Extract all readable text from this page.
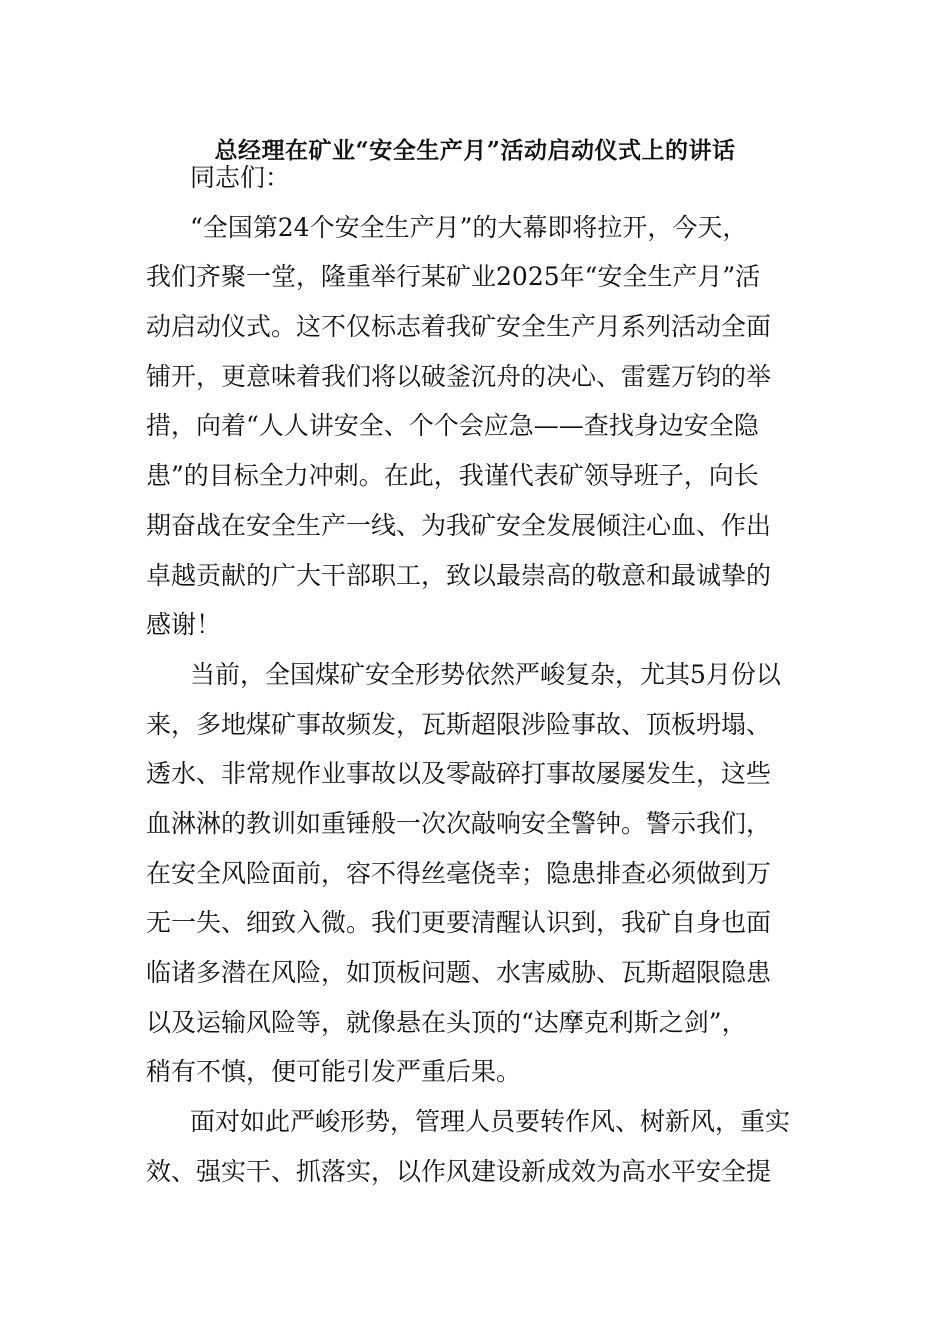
总经理在矿业“安全生产月”活动启动仪式上的讲话
同志们：
“全国第24个安全生产月”的大幕即将拉开，今天，
我们齐聚一堂，隆重举行某矿业2025年“安全生产月”活
动启动仪式。这不仅标志着我矿安全生产月系列活动全面
铺开，更意味着我们将以破釜沉舟的决心、雷霆万钧的举
措，向着“人人讲安全、个个会应急——查找身边安全隐
患”的目标全力冲刺。在此，我谨代表矿领导班子，向长
期奋战在安全生产一线、为我矿安全发展倾注心血、作出
卓越贡献的广大干部职工，致以最崇高的敬意和最诚挚的
感谢！
当前，全国煤矿安全形势依然严峻复杂，尤其5月份以
来，多地煤矿事故频发，瓦斯超限涉险事故、顶板坍塌、
透水、非常规作业事故以及零敲碎打事故屡屡发生，这些
血淋淋的教训如重锤般一次次敲响安全警钟。警示我们，
在安全风险面前，容不得丝毫侥幸；隐患排查必须做到万
无一失、细致入微。我们更要清醒认识到，我矿自身也面
临诸多潜在风险，如顶板问题、水害威胁、瓦斯超限隐患
以及运输风险等，就像悬在头顶的“达摩克利斯之剑”，
稍有不慎，便可能引发严重后果。
面对如此严峻形势，管理人员要转作风、树新风，重实
效、强实干、抓落实，以作风建设新成效为高水平安全提
